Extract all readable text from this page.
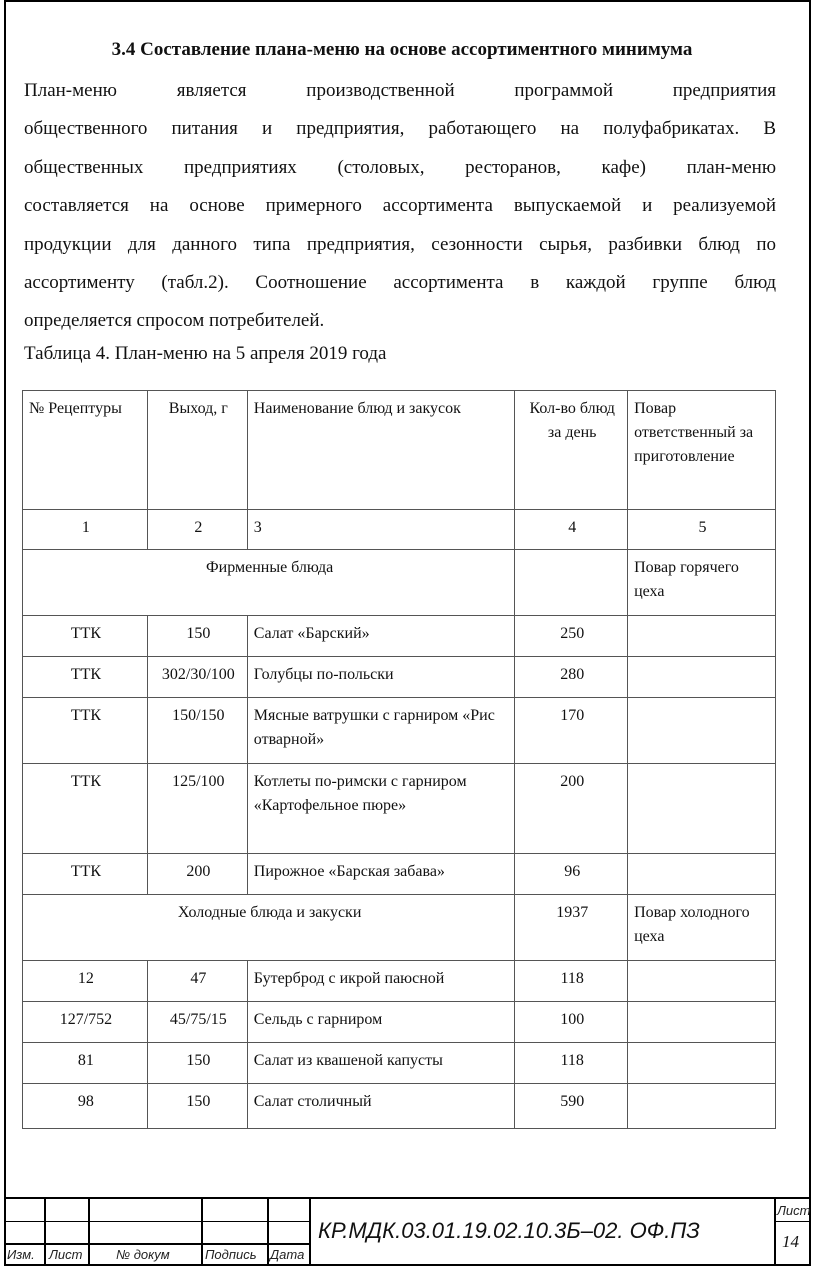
3.4 Составление плана-меню на основе ассортиментного минимума
План-меню	является	производственной	программой	предприятия
общественного питания и предприятия, работающего на полуфабрикатах. В
общественных предприятиях (столовых, ресторанов, кафе) план-меню
составляется на основе примерного ассортимента выпускаемой и реализуемой
продукции для данного типа предприятия, сезонности сырья, разбивки блюд по
ассортименту (табл.2). Соотношение ассортимента в каждой группе блюд
определяется спросом потребителей.
Таблица 4. План-меню на 5 апреля 2019 года
№ Рецептуры	Выход, г	Наименование блюд и закусок	Кол-во блюд за день	Повар ответственный за приготовление
1	2	3	4	5
Фирменные блюда				Повар горячего цеха
ТТК	150	Салат «Барский»	250	
ТТК	302/30/100	Голубцы по-польски	280	
ТТК	150/150	Мясные ватрушки с гарниром «Рис отварной»	170	
ТТК	125/100	Котлеты по-римски с гарниром «Картофельное пюре»	200	
ТТК	200	Пирожное «Барская забава»	96	
Холодные блюда и закуски			1937	Повар холодного цеха
12	47	Бутерброд с икрой паюсной	118	
127/752	45/75/15	Сельдь с гарниром	100	
81	150	Салат из квашеной капусты	118	
98	150	Салат столичный	590	
Изм. Лист	№ докум	Подпись Дата
Лист
КР.МДК.03.01.19.02.10.3Б–02. ОФ.ПЗ	14
